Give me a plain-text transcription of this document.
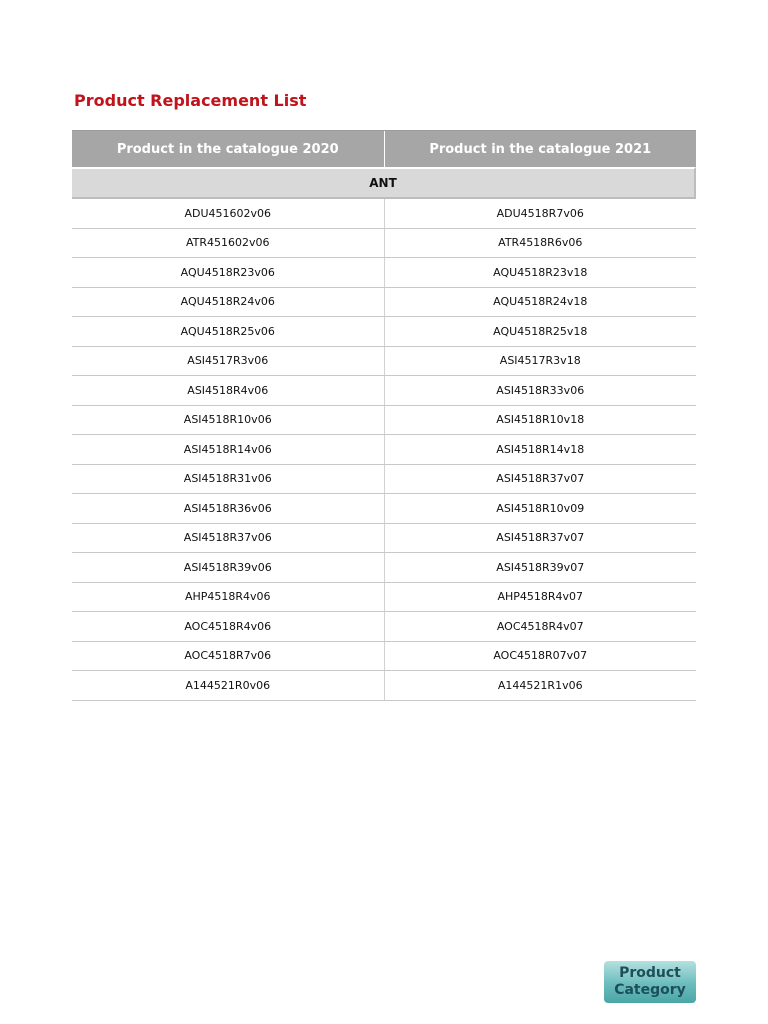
Product Replacement List
Product in the catalogue 2020	Product in the catalogue 2021
ANT
ADU451602v06	ADU4518R7v06
ATR451602v06	ATR4518R6v06
AQU4518R23v06	AQU4518R23v18
AQU4518R24v06	AQU4518R24v18
AQU4518R25v06	AQU4518R25v18
ASI4517R3v06	ASI4517R3v18
ASI4518R4v06	ASI4518R33v06
ASI4518R10v06	ASI4518R10v18
ASI4518R14v06	ASI4518R14v18
ASI4518R31v06	ASI4518R37v07
ASI4518R36v06	ASI4518R10v09
ASI4518R37v06	ASI4518R37v07
ASI4518R39v06	ASI4518R39v07
AHP4518R4v06	AHP4518R4v07
AOC4518R4v06	AOC4518R4v07
AOC4518R7v06	AOC4518R07v07
A144521R0v06	A144521R1v06
Product Category
